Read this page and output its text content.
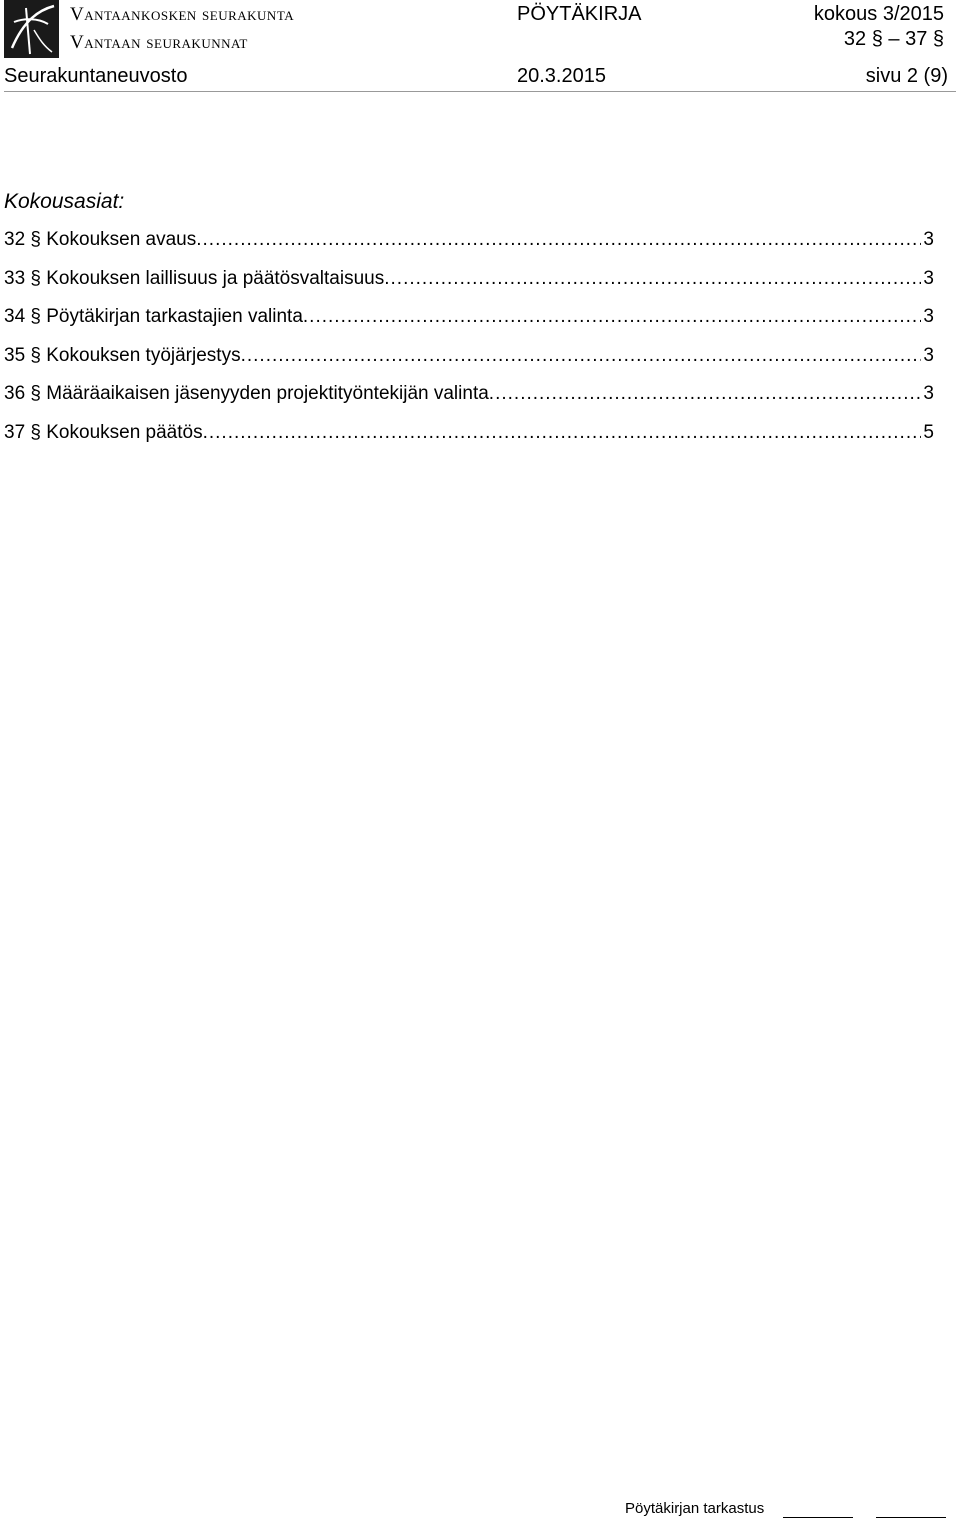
Vantaankosken seurakunta
Vantaan seurakunnat
PÖYTÄKIRJA	kokous 3/2015
32 § – 37 §
Seurakuntaneuvosto	20.3.2015	sivu 2 (9)
Kokousasiat:
32 § Kokouksen avaus .....	3
33 § Kokouksen laillisuus ja päätösvaltaisuus .....	3
34 § Pöytäkirjan tarkastajien valinta .....	3
35 § Kokouksen työjärjestys .....	3
36 § Määräaikaisen jäsenyyden projektityöntekijän valinta .....	3
37 § Kokouksen päätös .....	5
Pöytäkirjan tarkastus
